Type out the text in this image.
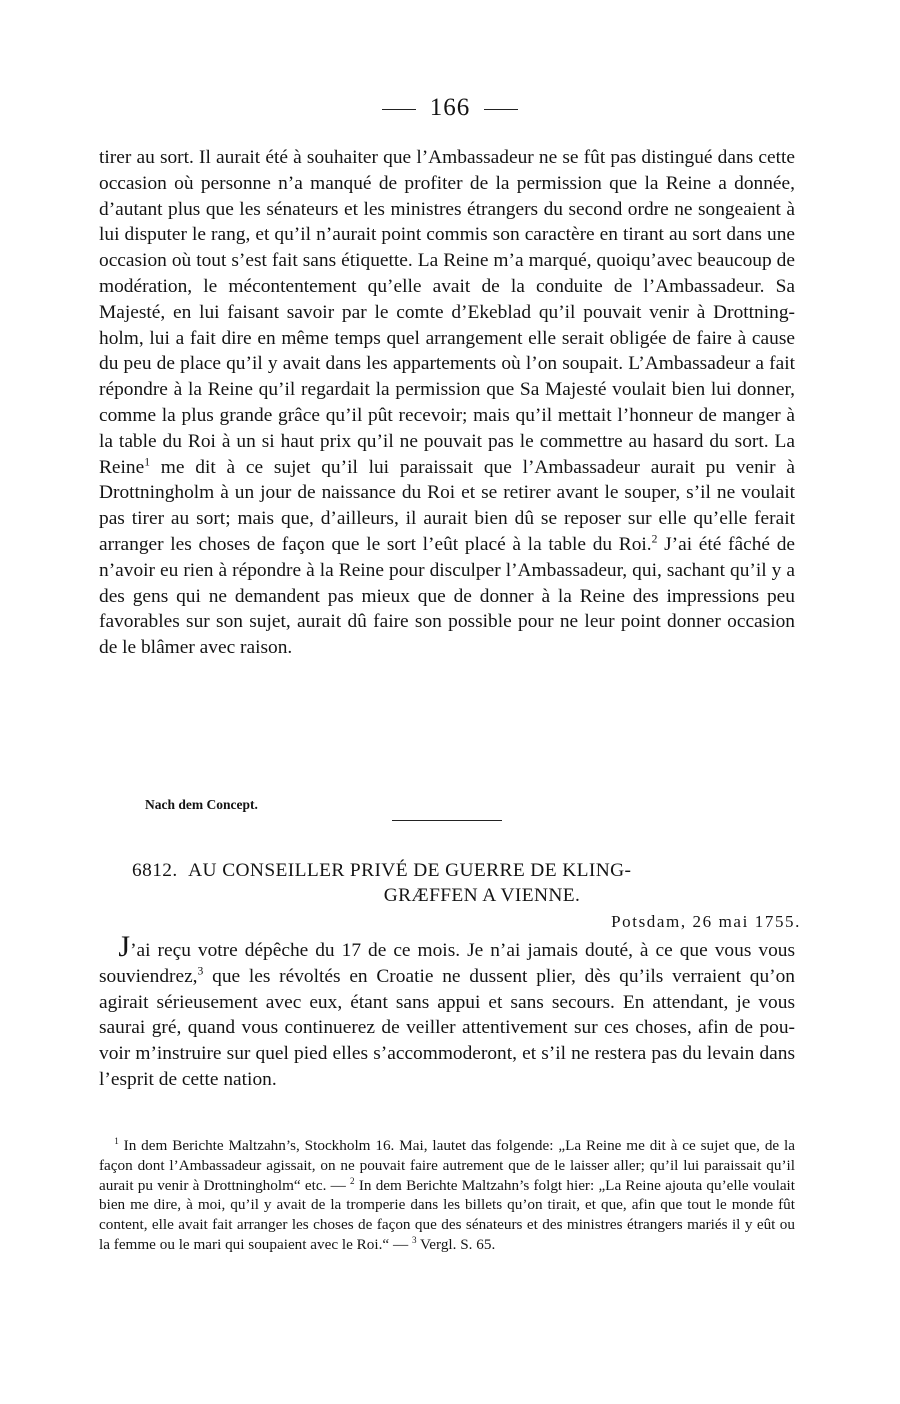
166

tirer au sort. Il aurait été à souhaiter que l’Ambassadeur ne se fût pas distingué dans cette occasion où personne n’a manqué de profiter de la permission que la Reine a donnée, d’autant plus que les sénateurs et les ministres étrangers du second ordre ne songeaient à lui disputer le rang, et qu’il n’aurait point commis son caractère en tirant au sort dans une occasion où tout s’est fait sans étiquette. La Reine m’a marqué, quoiqu’avec beaucoup de modération, le mécontentement qu’elle avait de la conduite de l’Ambassadeur. Sa Majesté, en lui faisant savoir par le comte d’Ekeblad qu’il pouvait venir à Drottningholm, lui a fait dire en même temps quel arrangement elle serait obligée de faire à cause du peu de place qu’il y avait dans les appartements où l’on soupait. L’Ambassadeur a fait répondre à la Reine qu’il regardait la permission que Sa Majesté voulait bien lui donner, comme la plus grande grâce qu’il pût recevoir; mais qu’il mettait l’honneur de manger à la table du Roi à un si haut prix qu’il ne pouvait pas le commettre au hasard du sort. La Reine$^1$ me dit à ce sujet qu’il lui paraissait que l’Ambassadeur aurait pu venir à Drottningholm à un jour de naissance du Roi et se retirer avant le souper, s’il ne voulait pas tirer au sort; mais que, d’ailleurs, il aurait bien dû se reposer sur elle qu’elle ferait arranger les choses de façon que le sort l’eût placé à la table du Roi.$^2$ J’ai été fâché de n’avoir eu rien à répondre à la Reine pour disculper l’Ambassadeur, qui, sachant qu’il y a des gens qui ne demandent pas mieux que de donner à la Reine des impressions peu favorables sur son sujet, aurait dû faire son possible pour ne leur point donner occasion de le blâmer avec raison.

Nach dem Concept.
6812. AU CONSEILLER PRIVÉ DE GUERRE DE KLING-
GRÆFFEN A VIENNE.
Potsdam, 26 mai 1755.

 J’ai reçu votre dépêche du 17 de ce mois. Je n’ai jamais douté, à ce que vous vous souviendrez,$^3$ que les révoltés en Croatie ne dussent plier, dès qu’ils verraient qu’on agirait sérieusement avec eux, étant sans appui et sans secours. En attendant, je vous saurai gré, quand vous continuerez de veiller attentivement sur ces choses, afin de pouvoir m’instruire sur quel pied elles s’accommoderont, et s’il ne restera pas du levain dans l’esprit de cette nation.

 $^1$ In dem Berichte Maltzahn’s, Stockholm 16. Mai, lautet das folgende: „La Reine me dit à ce sujet que, de la façon dont l’Ambassadeur agissait, on ne pouvait faire autrement que de le laisser aller; qu’il lui paraissait qu’il aurait pu venir à Drottningholm“ etc. — $^2$ In dem Berichte Maltzahn’s folgt hier: „La Reine ajouta qu’elle voulait bien me dire, à moi, qu’il y avait de la tromperie dans les billets qu’on tirait, et que, afin que tout le monde fût content, elle avait fait arranger les choses de façon que des sénateurs et des ministres étrangers mariés il y eût ou la femme ou le mari qui soupaient avec le Roi.“ — $^3$ Vergl. S. 65.
